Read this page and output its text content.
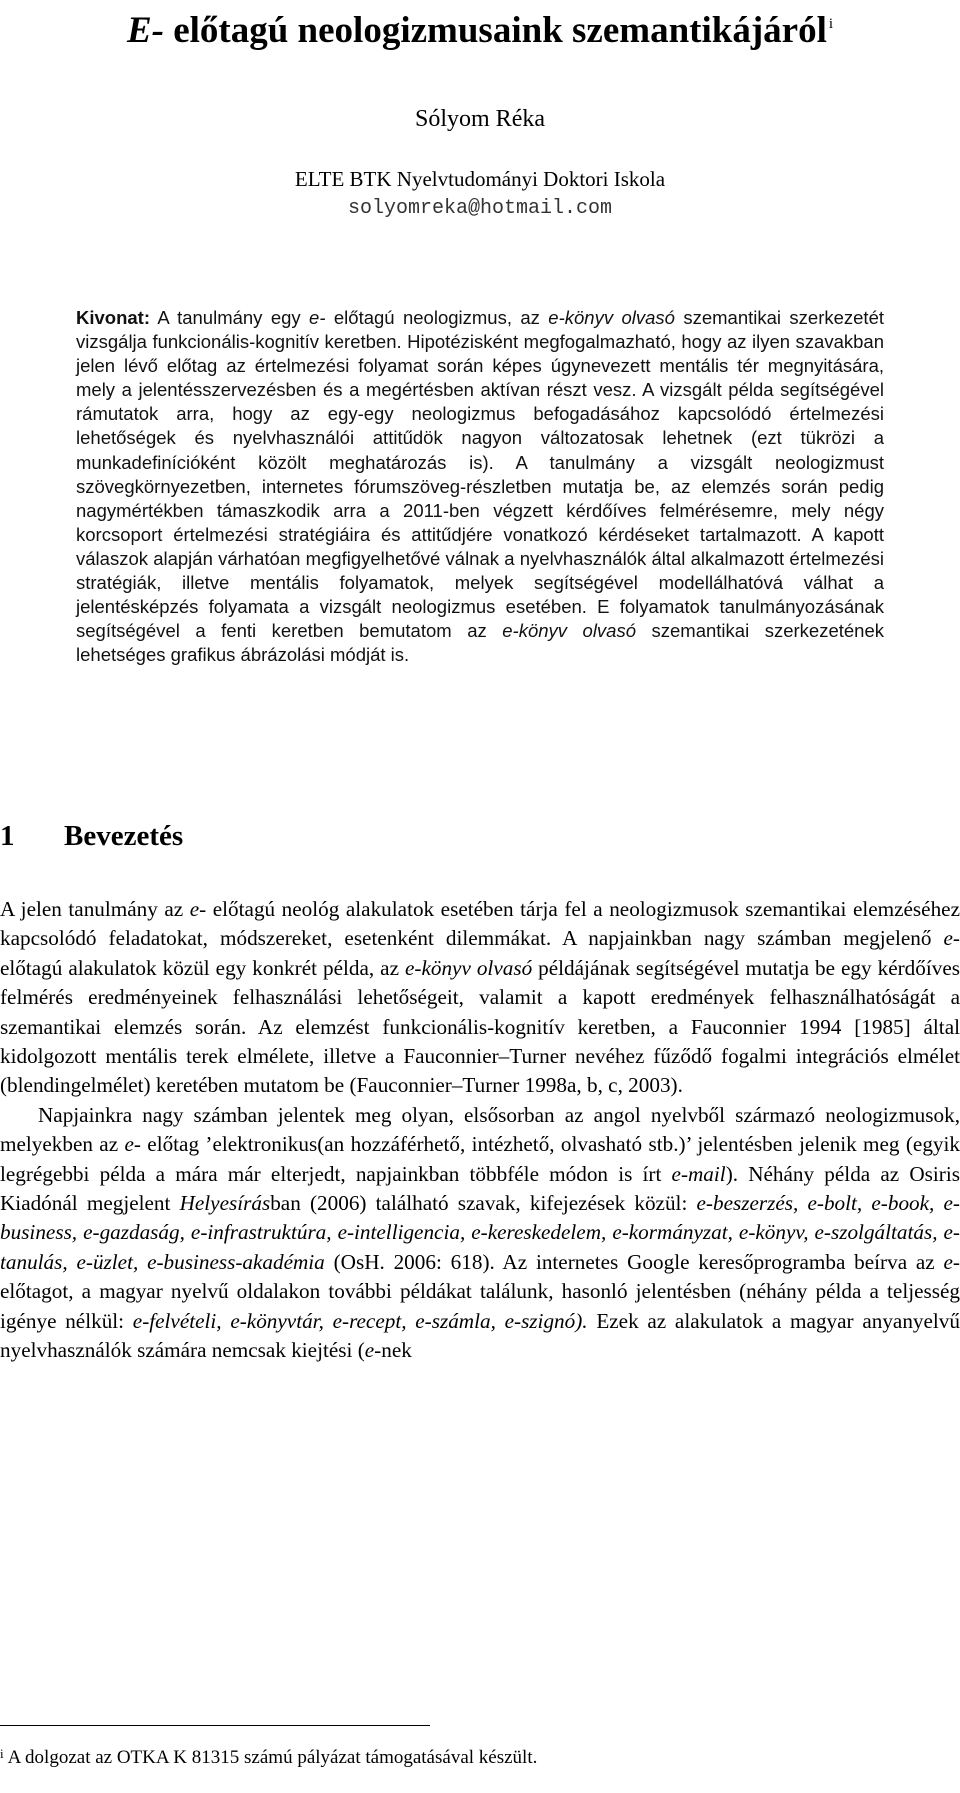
E- előtagú neologizmusaink szemantikájáról $^i$
Sólyom Réka
ELTE BTK Nyelvtudományi Doktori Iskola
solyomreka@hotmail.com
Kivonat: A tanulmány egy e- előtagú neologizmus, az e-könyv olvasó szemantikai szerkezetét vizsgálja funkcionális-kognitív keretben. Hipotézisként megfogalmazható, hogy az ilyen szavakban jelen lévő előtag az értelmezési folyamat során képes úgynevezett mentális tér megnyitására, mely a jelentésszervezésben és a megértésben aktívan részt vesz. A vizsgált példa segítségével rámutatok arra, hogy az egy-egy neologizmus befogadásához kapcsolódó értelmezési lehetőségek és nyelvhasználói attitűdök nagyon változatosak lehetnek (ezt tükrözi a munkadefinícióként közölt meghatározás is). A tanulmány a vizsgált neologizmust szövegkörnyezetben, internetes fórumszöveg-részletben mutatja be, az elemzés során pedig nagymértékben támaszkodik arra a 2011-ben végzett kérdőíves felmérésemre, mely négy korcsoport értelmezési stratégiáira és attitűdjére vonatkozó kérdéseket tartalmazott. A kapott válaszok alapján várhatóan megfigyelhetővé válnak a nyelvhasználók által alkalmazott értelmezési stratégiák, illetve mentális folyamatok, melyek segítségével modellálhatóvá válhat a jelentésképzés folyamata a vizsgált neologizmus esetében. E folyamatok tanulmányozásának segítségével a fenti keretben bemutatom az e-könyv olvasó szemantikai szerkezetének lehetséges grafikus ábrázolási módját is.
1 Bevezetés

A jelen tanulmány az e- előtagú neológ alakulatok esetében tárja fel a neologizmusok szemantikai elemzéséhez kapcsolódó feladatokat, módszereket, esetenként dilemmákat. A napjainkban nagy számban megjelenő e- előtagú alakulatok közül egy konkrét példa, az e-könyv olvasó példájának segítségével mutatja be egy kérdőíves felmérés eredményeinek felhasználási lehetőségeit, valamit a kapott eredmények felhasználhatóságát a szemantikai elemzés során. Az elemzést funkcionális-kognitív keretben, a Fauconnier 1994 [1985] által kidolgozott mentális terek elmélete, illetve a Fauconnier–Turner nevéhez fűződő fogalmi integrációs elmélet (blendingelmélet) keretében mutatom be (Fauconnier–Turner 1998a, b, c, 2003).

Napjainkra nagy számban jelentek meg olyan, elsősorban az angol nyelvből származó neologizmusok, melyekben az e- előtag ’elektronikus(an hozzáférhető, intézhető, olvasható stb.)’ jelentésben jelenik meg (egyik legrégebbi példa a mára már elterjedt, napjainkban többféle módon is írt e-mail). Néhány példa az Osiris Kiadónál megjelent Helyesírásban (2006) található szavak, kifejezések közül: e-beszerzés, e-bolt, e-book, e-business, e-gazdaság, e-infrastruktúra, e-intelligencia, e-kereskedelem, e-kormányzat, e-könyv, e-szolgáltatás, e-tanulás, e-üzlet, e-business-akadémia (OsH. 2006: 618). Az internetes Google keresőprogramba beírva az e- előtagot, a magyar nyelvű oldalakon további példákat találunk, hasonló jelentésben (néhány példa a teljesség igénye nélkül: e-felvételi, e-könyvtár, e-recept, e-számla, e-szignó). Ezek az alakulatok a magyar anyanyelvű nyelvhasználók számára nemcsak kiejtési (e-nek

$^i$ A dolgozat az OTKA K 81315 számú pályázat támogatásával készült.
